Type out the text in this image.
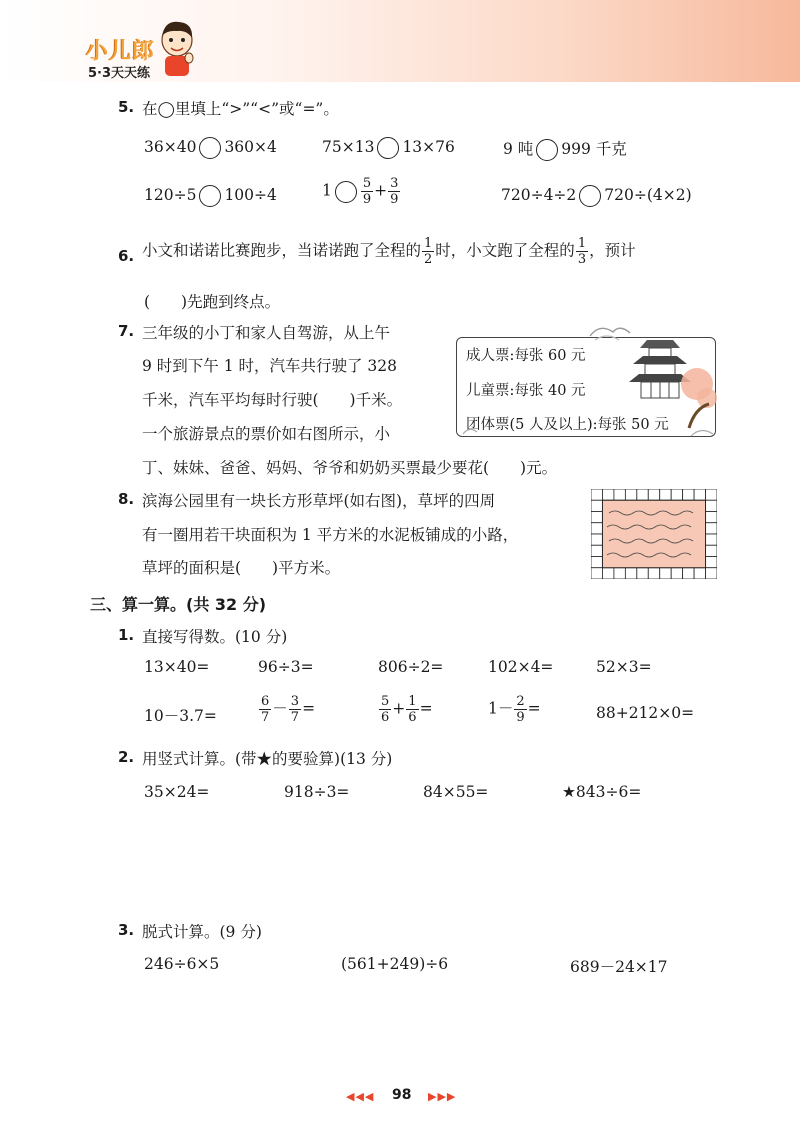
小儿郎
5·3天天练
5. 在◯里填上“>”“<”或“=”。
36×40 360×4	75×13 13×76	9 吨 999 千克
120÷5 100÷4	$1 \frac{5}{9} + \frac{3}{9}$	720÷4÷2 720÷(4×2)
6. 小文和诺诺比赛跑步，当诺诺跑了全程的 $\frac{1}{2}$ 时，小文跑了全程的 $\frac{1}{3}$ ，预计
(　　)先跑到终点。
7. 三年级的小丁和家人自驾游，从上午
9 时到下午 1 时，汽车共行驶了 328
千米，汽车平均每时行驶(　　)千米。
一个旅游景点的票价如右图所示，小
丁、妹妹、爸爸、妈妈、爷爷和奶奶买票最少要花(　　)元。
成人票:每张 60 元
儿童票:每张 40 元
团体票(5 人及以上):每张 50 元
8. 滨海公园里有一块长方形草坪(如右图)，草坪的四周
有一圈用若干块面积为 1 平方米的水泥板铺成的小路，
草坪的面积是(　　)平方米。
三、算一算。(共 32 分)
1. 直接写得数。(10 分)
13×40=	96÷3=	806÷2=	102×4=	52×3=
10－3.7=	$\frac{6}{7} - \frac{3}{7}$ =	$\frac{5}{6} + \frac{1}{6}$ =	$1- \frac{2}{9}$ =	88+212×0=
2. 用竖式计算。(带★的要验算)(13 分)
35×24=	918÷3=	84×55=	★843÷6=
3. 脱式计算。(9 分)
246÷6×5	(561+249)÷6	689－24×17
◀◀◀ 98 ▶▶▶
